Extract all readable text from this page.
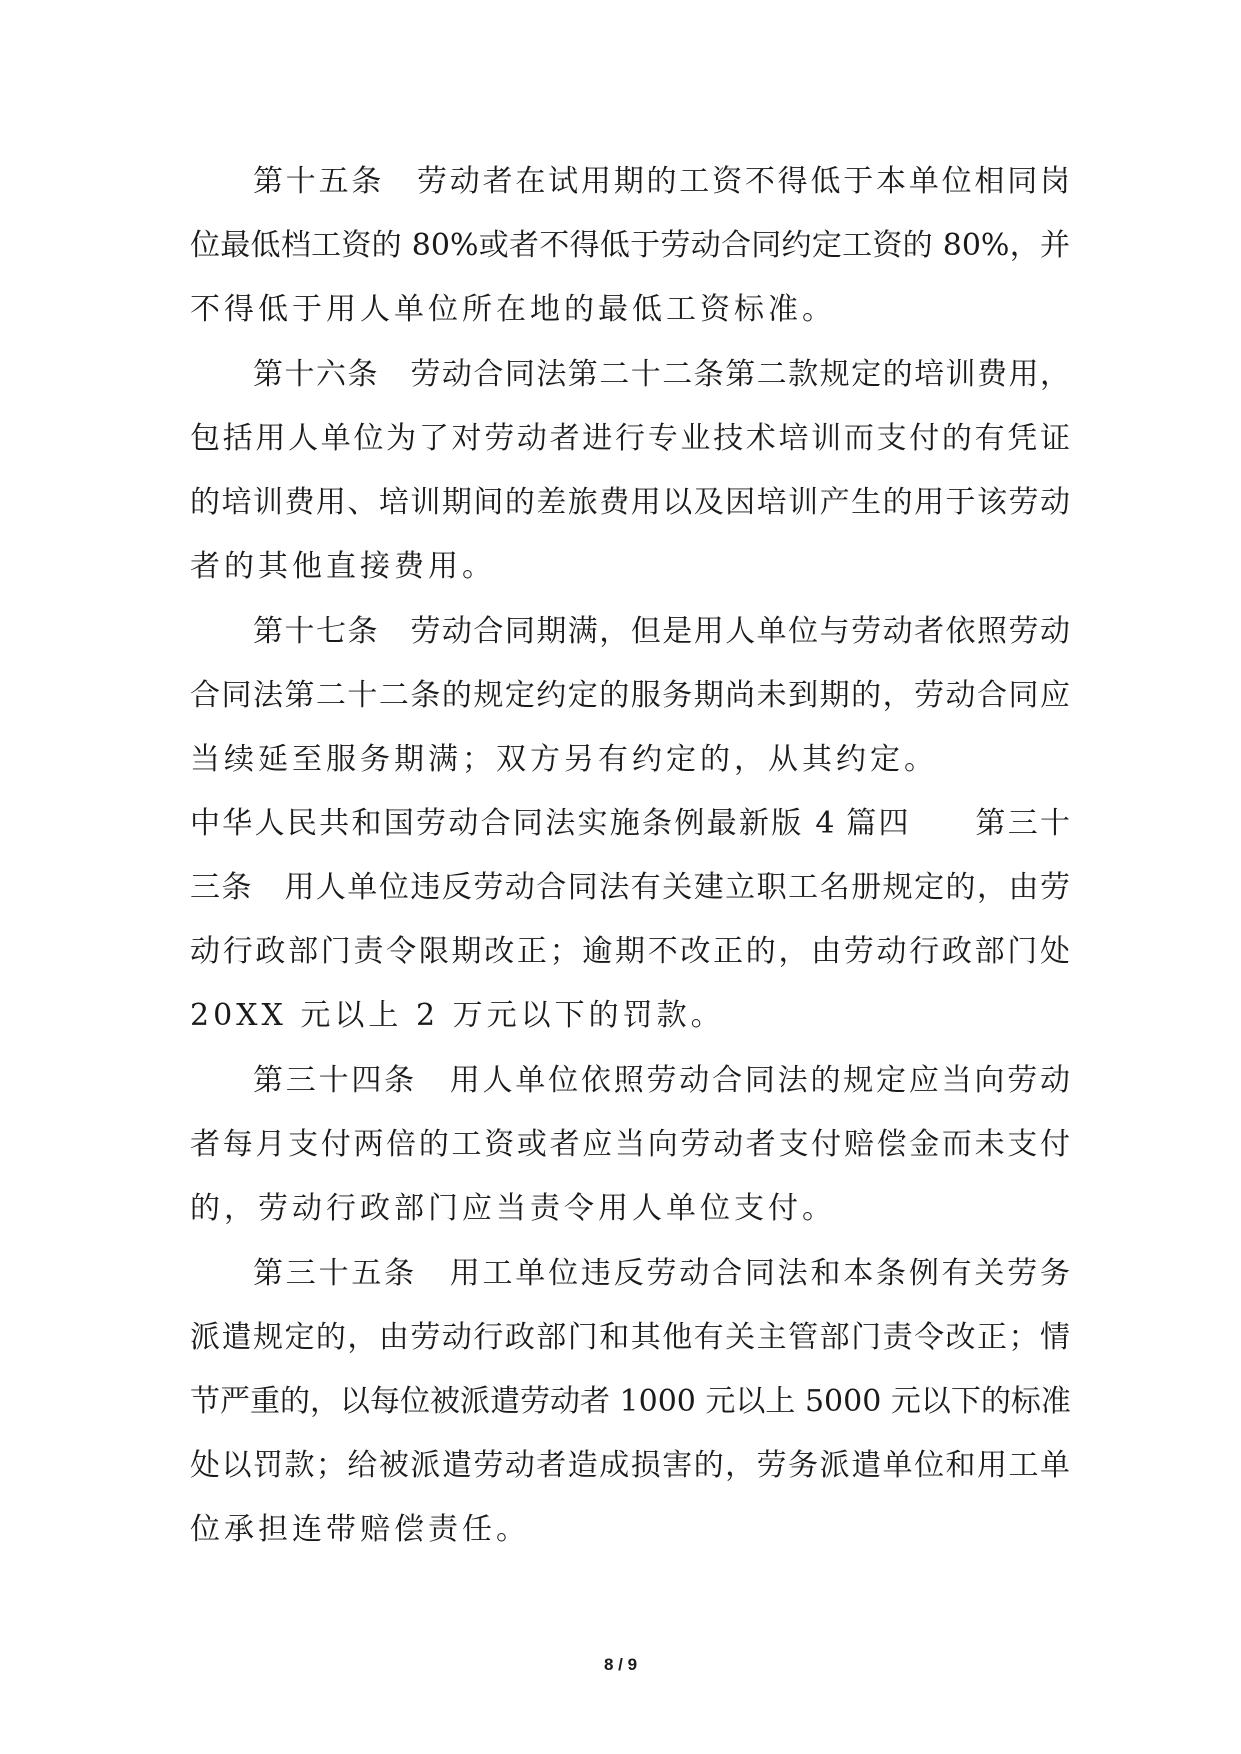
第十五条　劳动者在试用期的工资不得低于本单位相同岗
位最低档工资的 80%或者不得低于劳动合同约定工资的 80%，并
不得低于用人单位所在地的最低工资标准。
第十六条　劳动合同法第二十二条第二款规定的培训费用，
包括用人单位为了对劳动者进行专业技术培训而支付的有凭证
的培训费用、培训期间的差旅费用以及因培训产生的用于该劳动
者的其他直接费用。
第十七条　劳动合同期满，但是用人单位与劳动者依照劳动
合同法第二十二条的规定约定的服务期尚未到期的，劳动合同应
当续延至服务期满；双方另有约定的，从其约定。
中华人民共和国劳动合同法实施条例最新版 4 篇四　　第三十
三条　用人单位违反劳动合同法有关建立职工名册规定的，由劳
动行政部门责令限期改正；逾期不改正的，由劳动行政部门处
20XX 元以上 2 万元以下的罚款。
第三十四条　用人单位依照劳动合同法的规定应当向劳动
者每月支付两倍的工资或者应当向劳动者支付赔偿金而未支付
的，劳动行政部门应当责令用人单位支付。
第三十五条　用工单位违反劳动合同法和本条例有关劳务
派遣规定的，由劳动行政部门和其他有关主管部门责令改正；情
节严重的，以每位被派遣劳动者 1000 元以上 5000 元以下的标准
处以罚款；给被派遣劳动者造成损害的，劳务派遣单位和用工单
位承担连带赔偿责任。
8 / 9
